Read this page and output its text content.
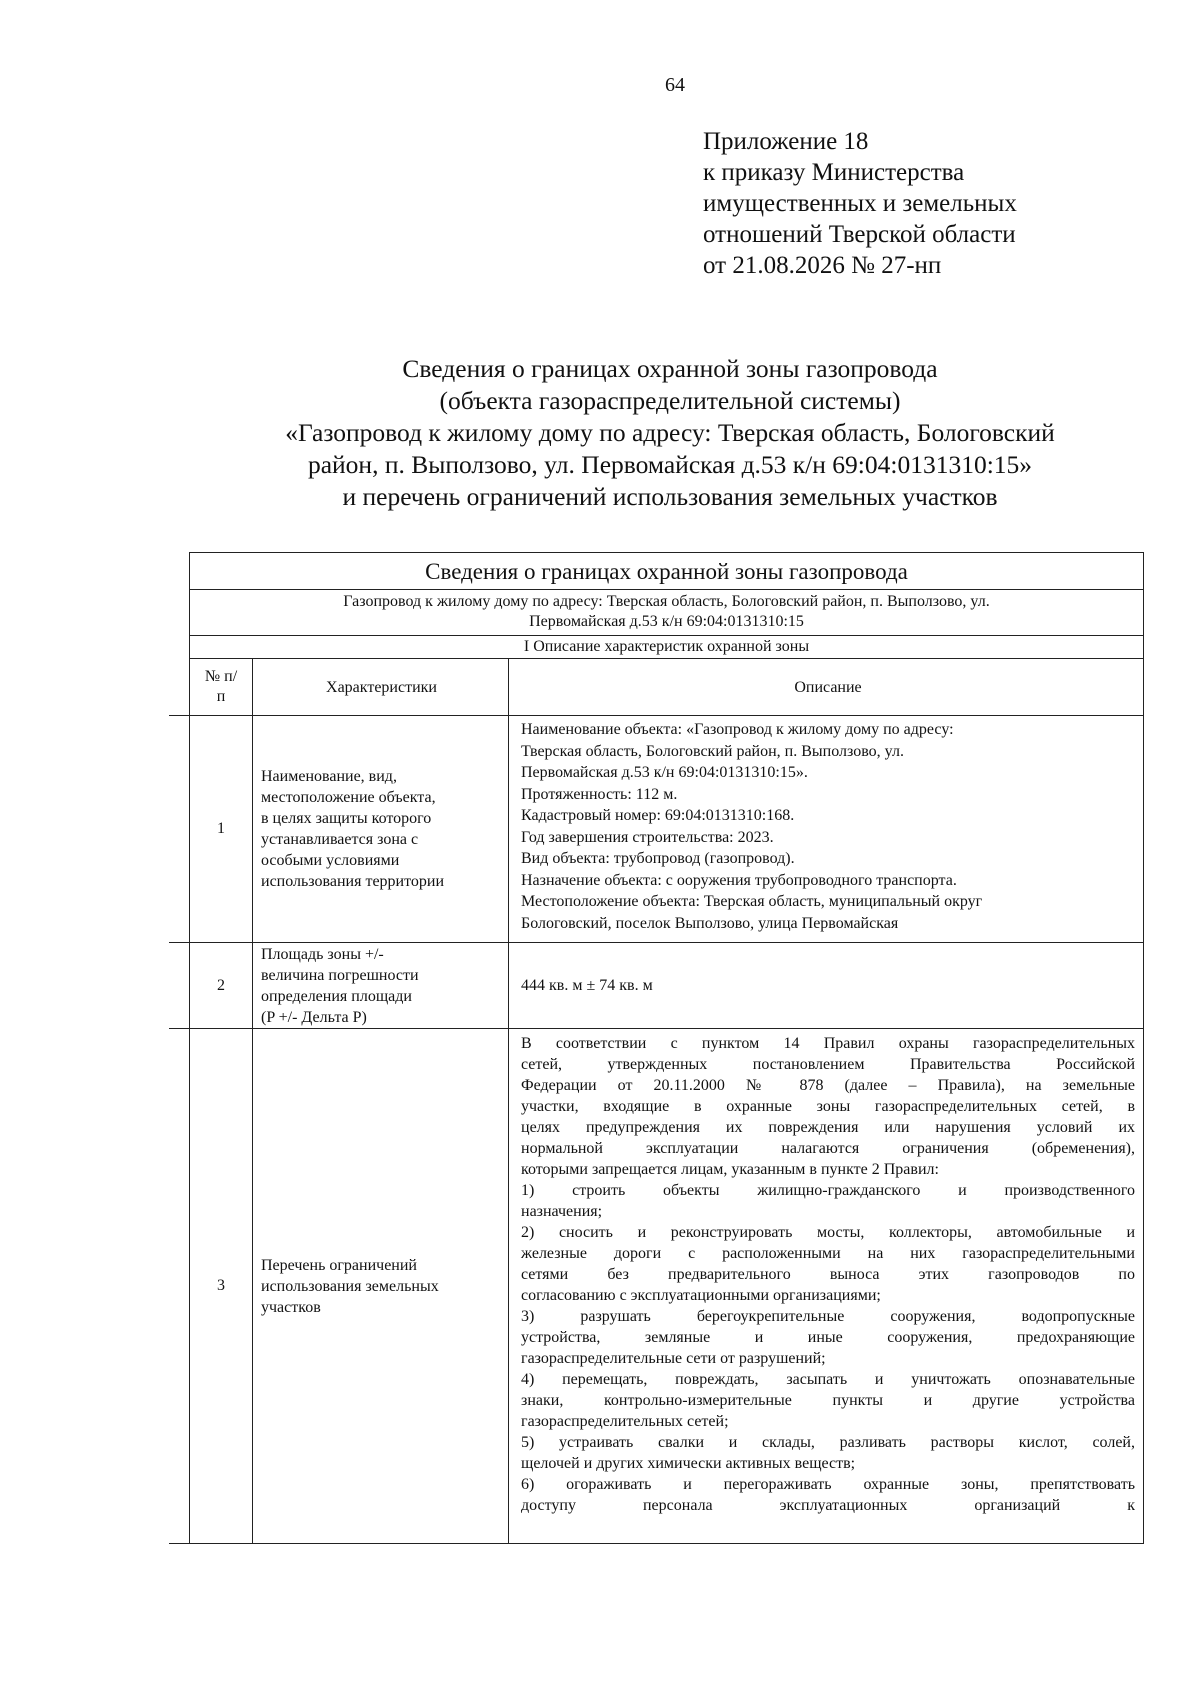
64
Приложение 18
к приказу Министерства
имущественных и земельных
отношений Тверской области
от 21.08.2026 № 27-нп
Сведения о границах охранной зоны газопровода
(объекта газораспределительной системы)
«Газопровод к жилому дому по адресу: Тверская область, Бологовский
район, п. Выползово, ул. Первомайская д.53 к/н 69:04:0131310:15»
и перечень ограничений использования земельных участков
Сведения о границах охранной зоны газопровода
Газопровод к жилому дому по адресу: Тверская область, Бологовский район, п. Выползово, ул.
Первомайская д.53 к/н 69:04:0131310:15
I Описание характеристик охранной зоны
№ п/п
Характеристики	Описание
1
Наименование, вид,
местоположение объекта,
в целях защиты которого
устанавливается зона с
особыми условиями
использования территории
Наименование объекта: «Газопровод к жилому дому по адресу:
Тверская область, Бологовский район, п. Выползово, ул.
Первомайская д.53 к/н 69:04:0131310:15».
Протяженность: 112 м.
Кадастровый номер: 69:04:0131310:168.
Год завершения строительства: 2023.
Вид объекта: трубопровод (газопровод).
Назначение объекта: с ооружения трубопроводного транспорта.
Местоположение объекта: Тверская область, муниципальный округ
Бологовский, поселок Выползово, улица Первомайская
2
Площадь зоны +/-
величина погрешности
определения площади
(P +/- Дельта P)
444 кв. м ± 74 кв. м
3
Перечень ограничений
использования земельных
участков
В соответствии с пунктом 14 Правил охраны газораспределительных
сетей, утвержденных постановлением Правительства Российской
Федерации от 20.11.2000 № 878 (далее – Правила), на земельные
участки, входящие в охранные зоны газораспределительных сетей, в
целях предупреждения их повреждения или нарушения условий их
нормальной эксплуатации налагаются ограничения (обременения),
которыми запрещается лицам, указанным в пункте 2 Правил:
1) строить объекты жилищно-гражданского и производственного
назначения;
2) сносить и реконструировать мосты, коллекторы, автомобильные и
железные дороги с расположенными на них газораспределительными
сетями без предварительного выноса этих газопроводов по
согласованию с эксплуатационными организациями;
3) разрушать берегоукрепительные сооружения, водопропускные
устройства, земляные и иные сооружения, предохраняющие
газораспределительные сети от разрушений;
4) перемещать, повреждать, засыпать и уничтожать опознавательные
знаки, контрольно-измерительные пункты и другие устройства
газораспределительных сетей;
5) устраивать свалки и склады, разливать растворы кислот, солей,
щелочей и других химически активных веществ;
6) огораживать и перегораживать охранные зоны, препятствовать
доступу персонала эксплуатационных организаций к
